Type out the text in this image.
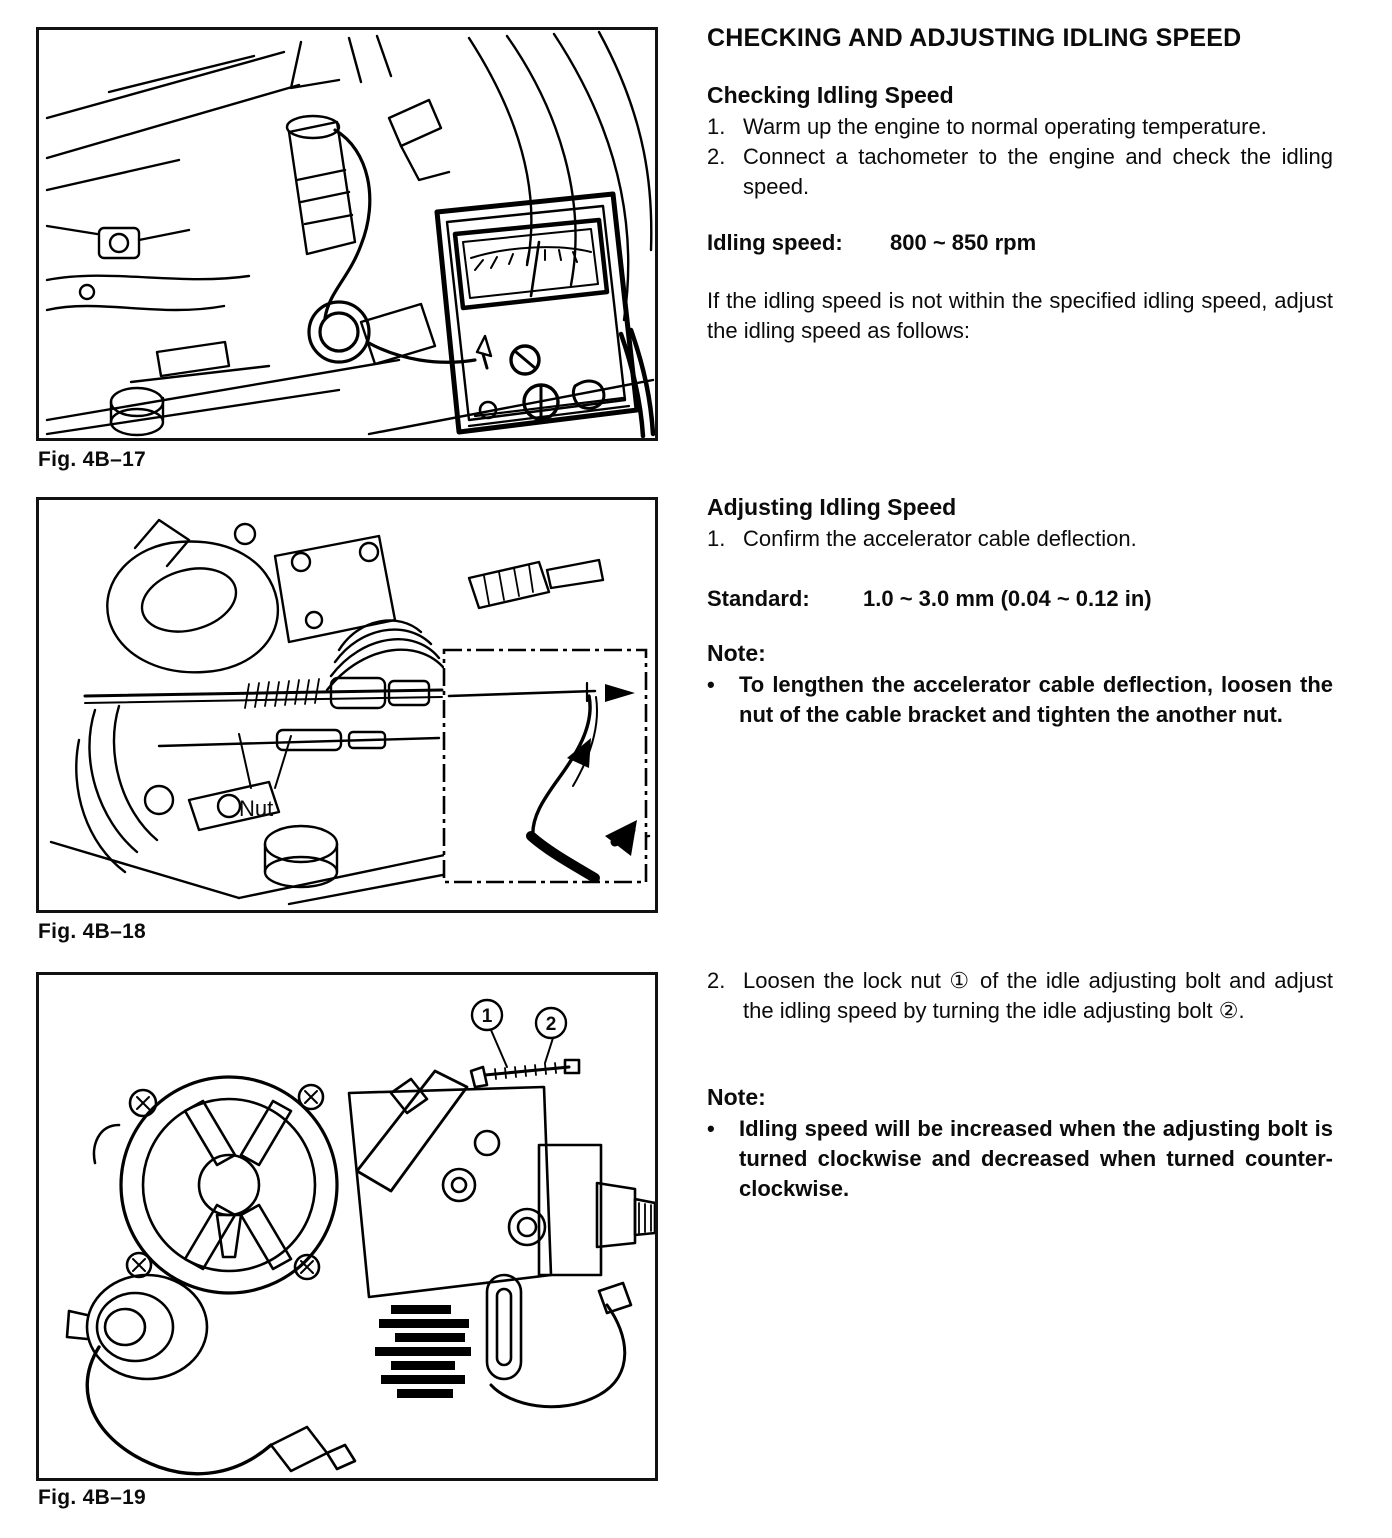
Fig. 4B–17
Nut
Fig. 4B–18
1	2
Fig. 4B–19
CHECKING AND ADJUSTING IDLING SPEED
Checking Idling Speed
1. Warm up the engine to normal operating temperature.
2. Connect a tachometer to the engine and check the idling speed.
Idling speed: 800 ~ 850 rpm
If the idling speed is not within the specified idling speed, adjust the idling speed as follows:
Adjusting Idling Speed
1. Confirm the accelerator cable deflection.
Standard: 1.0 ~ 3.0 mm (0.04 ~ 0.12 in)
Note:
•	To lengthen the accelerator cable deflection, loosen the nut of the cable bracket and tighten the another nut.
2. Loosen the lock nut ① of the idle adjusting bolt and adjust the idling speed by turning the idle adjusting bolt ②.
Note:
•	Idling speed will be increased when the adjusting bolt is turned clockwise and decreased when turned counter-clockwise.
